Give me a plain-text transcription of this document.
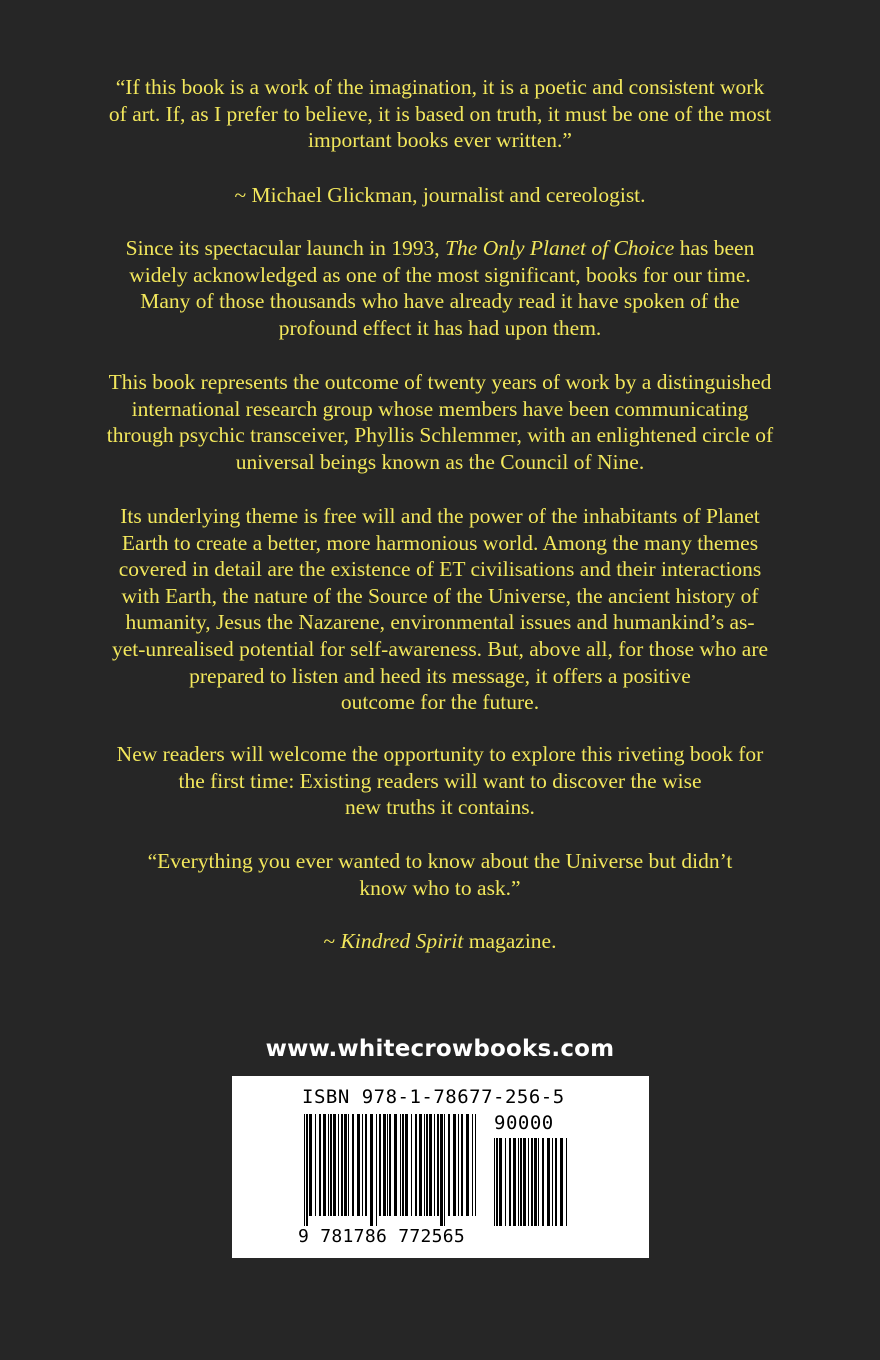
“If this book is a work of the imagination, it is a poetic and consistent work
of art. If, as I prefer to believe, it is based on truth, it must be one of the most
important books ever written.”
~ Michael Glickman, journalist and cereologist.
Since its spectacular launch in 1993, The Only Planet of Choice has been
widely acknowledged as one of the most significant, books for our time.
Many of those thousands who have already read it have spoken of the
profound effect it has had upon them.
This book represents the outcome of twenty years of work by a distinguished
international research group whose members have been communicating
through psychic transceiver, Phyllis Schlemmer, with an enlightened circle of
universal beings known as the Council of Nine.
Its underlying theme is free will and the power of the inhabitants of Planet
Earth to create a better, more harmonious world. Among the many themes
covered in detail are the existence of ET civilisations and their interactions
with Earth, the nature of the Source of the Universe, the ancient history of
humanity, Jesus the Nazarene, environmental issues and humankind’s as-
yet-unrealised potential for self-awareness. But, above all, for those who are
prepared to listen and heed its message, it offers a positive
outcome for the future.
New readers will welcome the opportunity to explore this riveting book for
the first time: Existing readers will want to discover the wise
new truths it contains.
“Everything you ever wanted to know about the Universe but didn’t
know who to ask.”
~ Kindred Spirit magazine.
www.whitecrowbooks.com
ISBN 978-1-78677-256-5
90000
9 781786 772565
